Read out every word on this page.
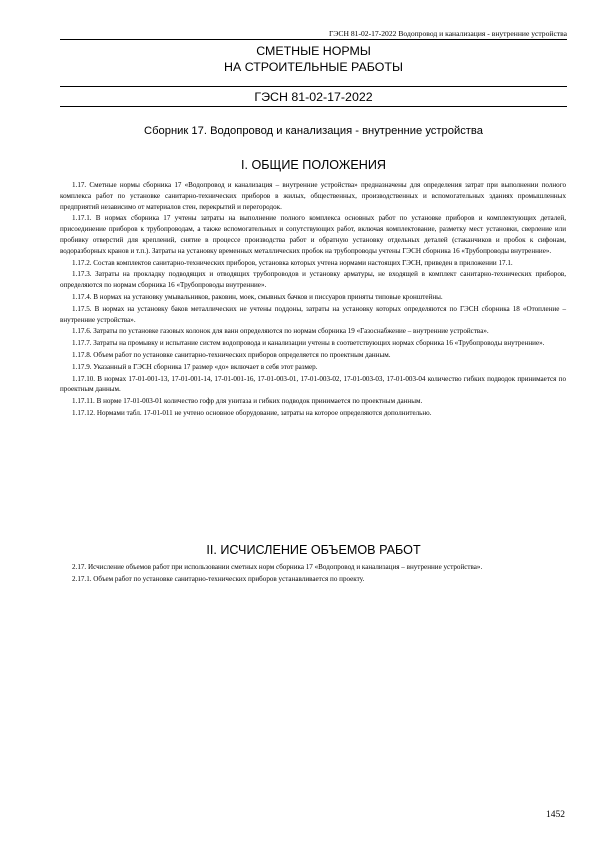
ГЭСН 81-02-17-2022 Водопровод и канализация - внутренние устройства
СМЕТНЫЕ НОРМЫ
НА СТРОИТЕЛЬНЫЕ РАБОТЫ
ГЭСН 81-02-17-2022
Сборник 17. Водопровод и канализация - внутренние устройства
I. ОБЩИЕ ПОЛОЖЕНИЯ

1.17. Сметные нормы сборника 17 «Водопровод и канализация – внутренние устройства» предназначены для определения затрат при выполнении полного комплекса работ по установке санитарно-технических приборов в жилых, общественных, производственных и вспомогательных зданиях промышленных предприятий независимо от материалов стен, перекрытий и перегородок.

1.17.1. В нормах сборника 17 учтены затраты на выполнение полного комплекса основных работ по установке приборов и комплектующих деталей, присоединение приборов к трубопроводам, а также вспомогательных и сопутствующих работ, включая комплектование, разметку мест установки, сверление или пробивку отверстий для креплений, снятие в процессе производства работ и обратную установку отдельных деталей (стаканчиков и пробок к сифонам, водоразборных кранов и т.п.). Затраты на установку временных металлических пробок на трубопроводы учтены ГЭСН сборника 16 «Трубопроводы внутренние».

1.17.2. Состав комплектов санитарно-технических приборов, установка которых учтена нормами настоящих ГЭСН, приведен в приложении 17.1.

1.17.3. Затраты на прокладку подводящих и отводящих трубопроводов и установку арматуры, не входящей в комплект санитарно-технических приборов, определяются по нормам сборника 16 «Трубопроводы внутренние».

1.17.4. В нормах на установку умывальников, раковин, моек, смывных бачков и писсуаров приняты типовые кронштейны.

1.17.5. В нормах на установку баков металлических не учтены поддоны, затраты на установку которых определяются по ГЭСН сборника 18 «Отопление – внутренние устройства».

1.17.6. Затраты по установке газовых колонок для ванн определяются по нормам сборника 19 «Газоснабжение – внутренние устройства».

1.17.7. Затраты на промывку и испытание систем водопровода и канализации учтены в соответствующих нормах сборника 16 «Трубопроводы внутренние».

1.17.8. Объем работ по установке санитарно-технических приборов определяется по проектным данным.

1.17.9. Указанный в ГЭСН сборника 17 размер «до» включает в себя этот размер.

1.17.10. В нормах 17-01-001-13, 17-01-001-14, 17-01-001-16, 17-01-003-01, 17-01-003-02, 17-01-003-03, 17-01-003-04 количество гибких подводок принимается по проектным данным.

1.17.11. В норме 17-01-003-01 количество гофр для унитаза и гибких подводок принимается по проектным данным.

1.17.12. Нормами табл. 17-01-011 не учтено основное оборудование, затраты на которое определяются дополнительно.

II. ИСЧИСЛЕНИЕ ОБЪЕМОВ РАБОТ

2.17. Исчисление объемов работ при использовании сметных норм сборника 17 «Водопровод и канализация – внутренние устройства».

2.17.1. Объем работ по установке санитарно-технических приборов устанавливается по проекту.

1452
